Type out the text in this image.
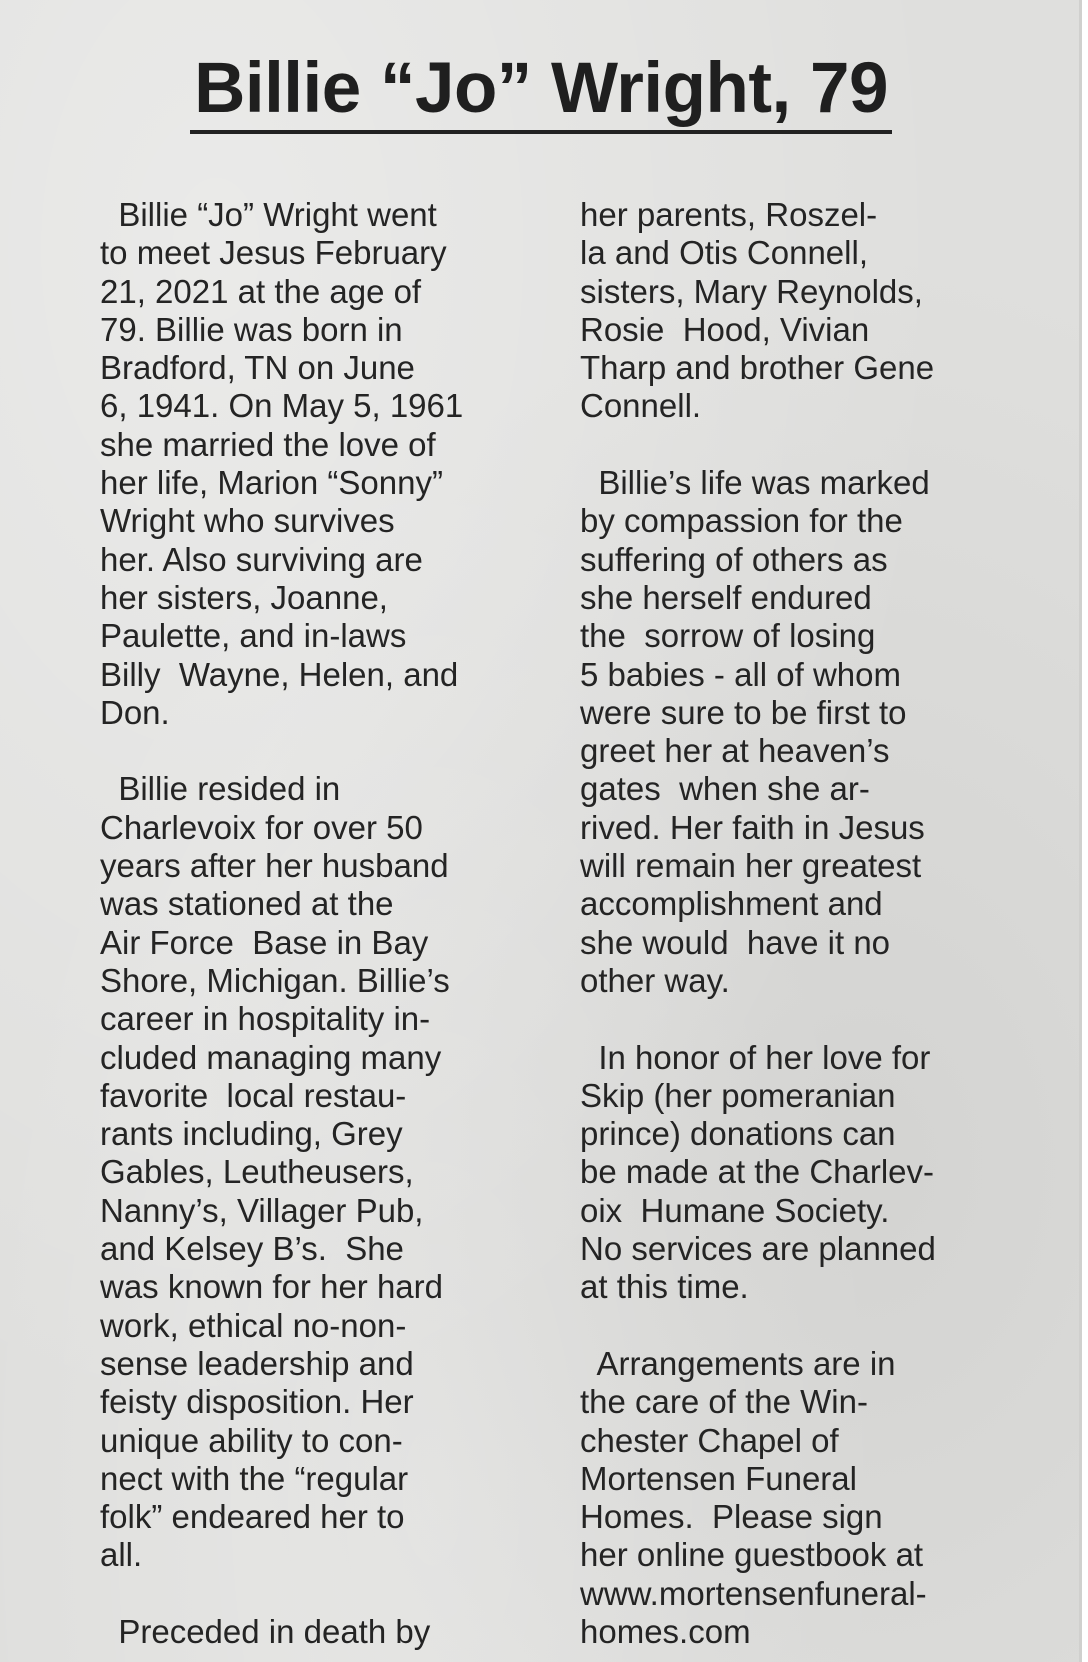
Billie “Jo” Wright, 79
Billie “Jo” Wright went
to meet Jesus February
21, 2021 at the age of
79. Billie was born in
Bradford, TN on June
6, 1941. On May 5, 1961
she married the love of
her life, Marion “Sonny”
Wright who survives
her. Also surviving are
her sisters, Joanne,
Paulette, and in-laws
Billy  Wayne, Helen, and
Don.
Billie resided in
Charlevoix for over 50
years after her husband
was stationed at the
Air Force  Base in Bay
Shore, Michigan. Billie’s
career in hospitality in-
cluded managing many
favorite  local restau-
rants including, Grey
Gables, Leutheusers,
Nanny’s, Villager Pub,
and Kelsey B’s.  She
was known for her hard
work, ethical no-non-
sense leadership and
feisty disposition. Her
unique ability to con-
nect with the “regular
folk” endeared her to
all.
Preceded in death by
her parents, Roszel-
la and Otis Connell,
sisters, Mary Reynolds,
Rosie  Hood, Vivian
Tharp and brother Gene
Connell.
Billie’s life was marked
by compassion for the
suffering of others as
she herself endured
the  sorrow of losing
5 babies - all of whom
were sure to be first to
greet her at heaven’s
gates  when she ar-
rived. Her faith in Jesus
will remain her greatest
accomplishment and
she would  have it no
other way.
In honor of her love for
Skip (her pomeranian
prince) donations can
be made at the Charlev-
oix  Humane Society.
No services are planned
at this time.
Arrangements are in
the care of the Win-
chester Chapel of
Mortensen Funeral
Homes.  Please sign
her online guestbook at
www.mortensenfuneral-
homes.com
